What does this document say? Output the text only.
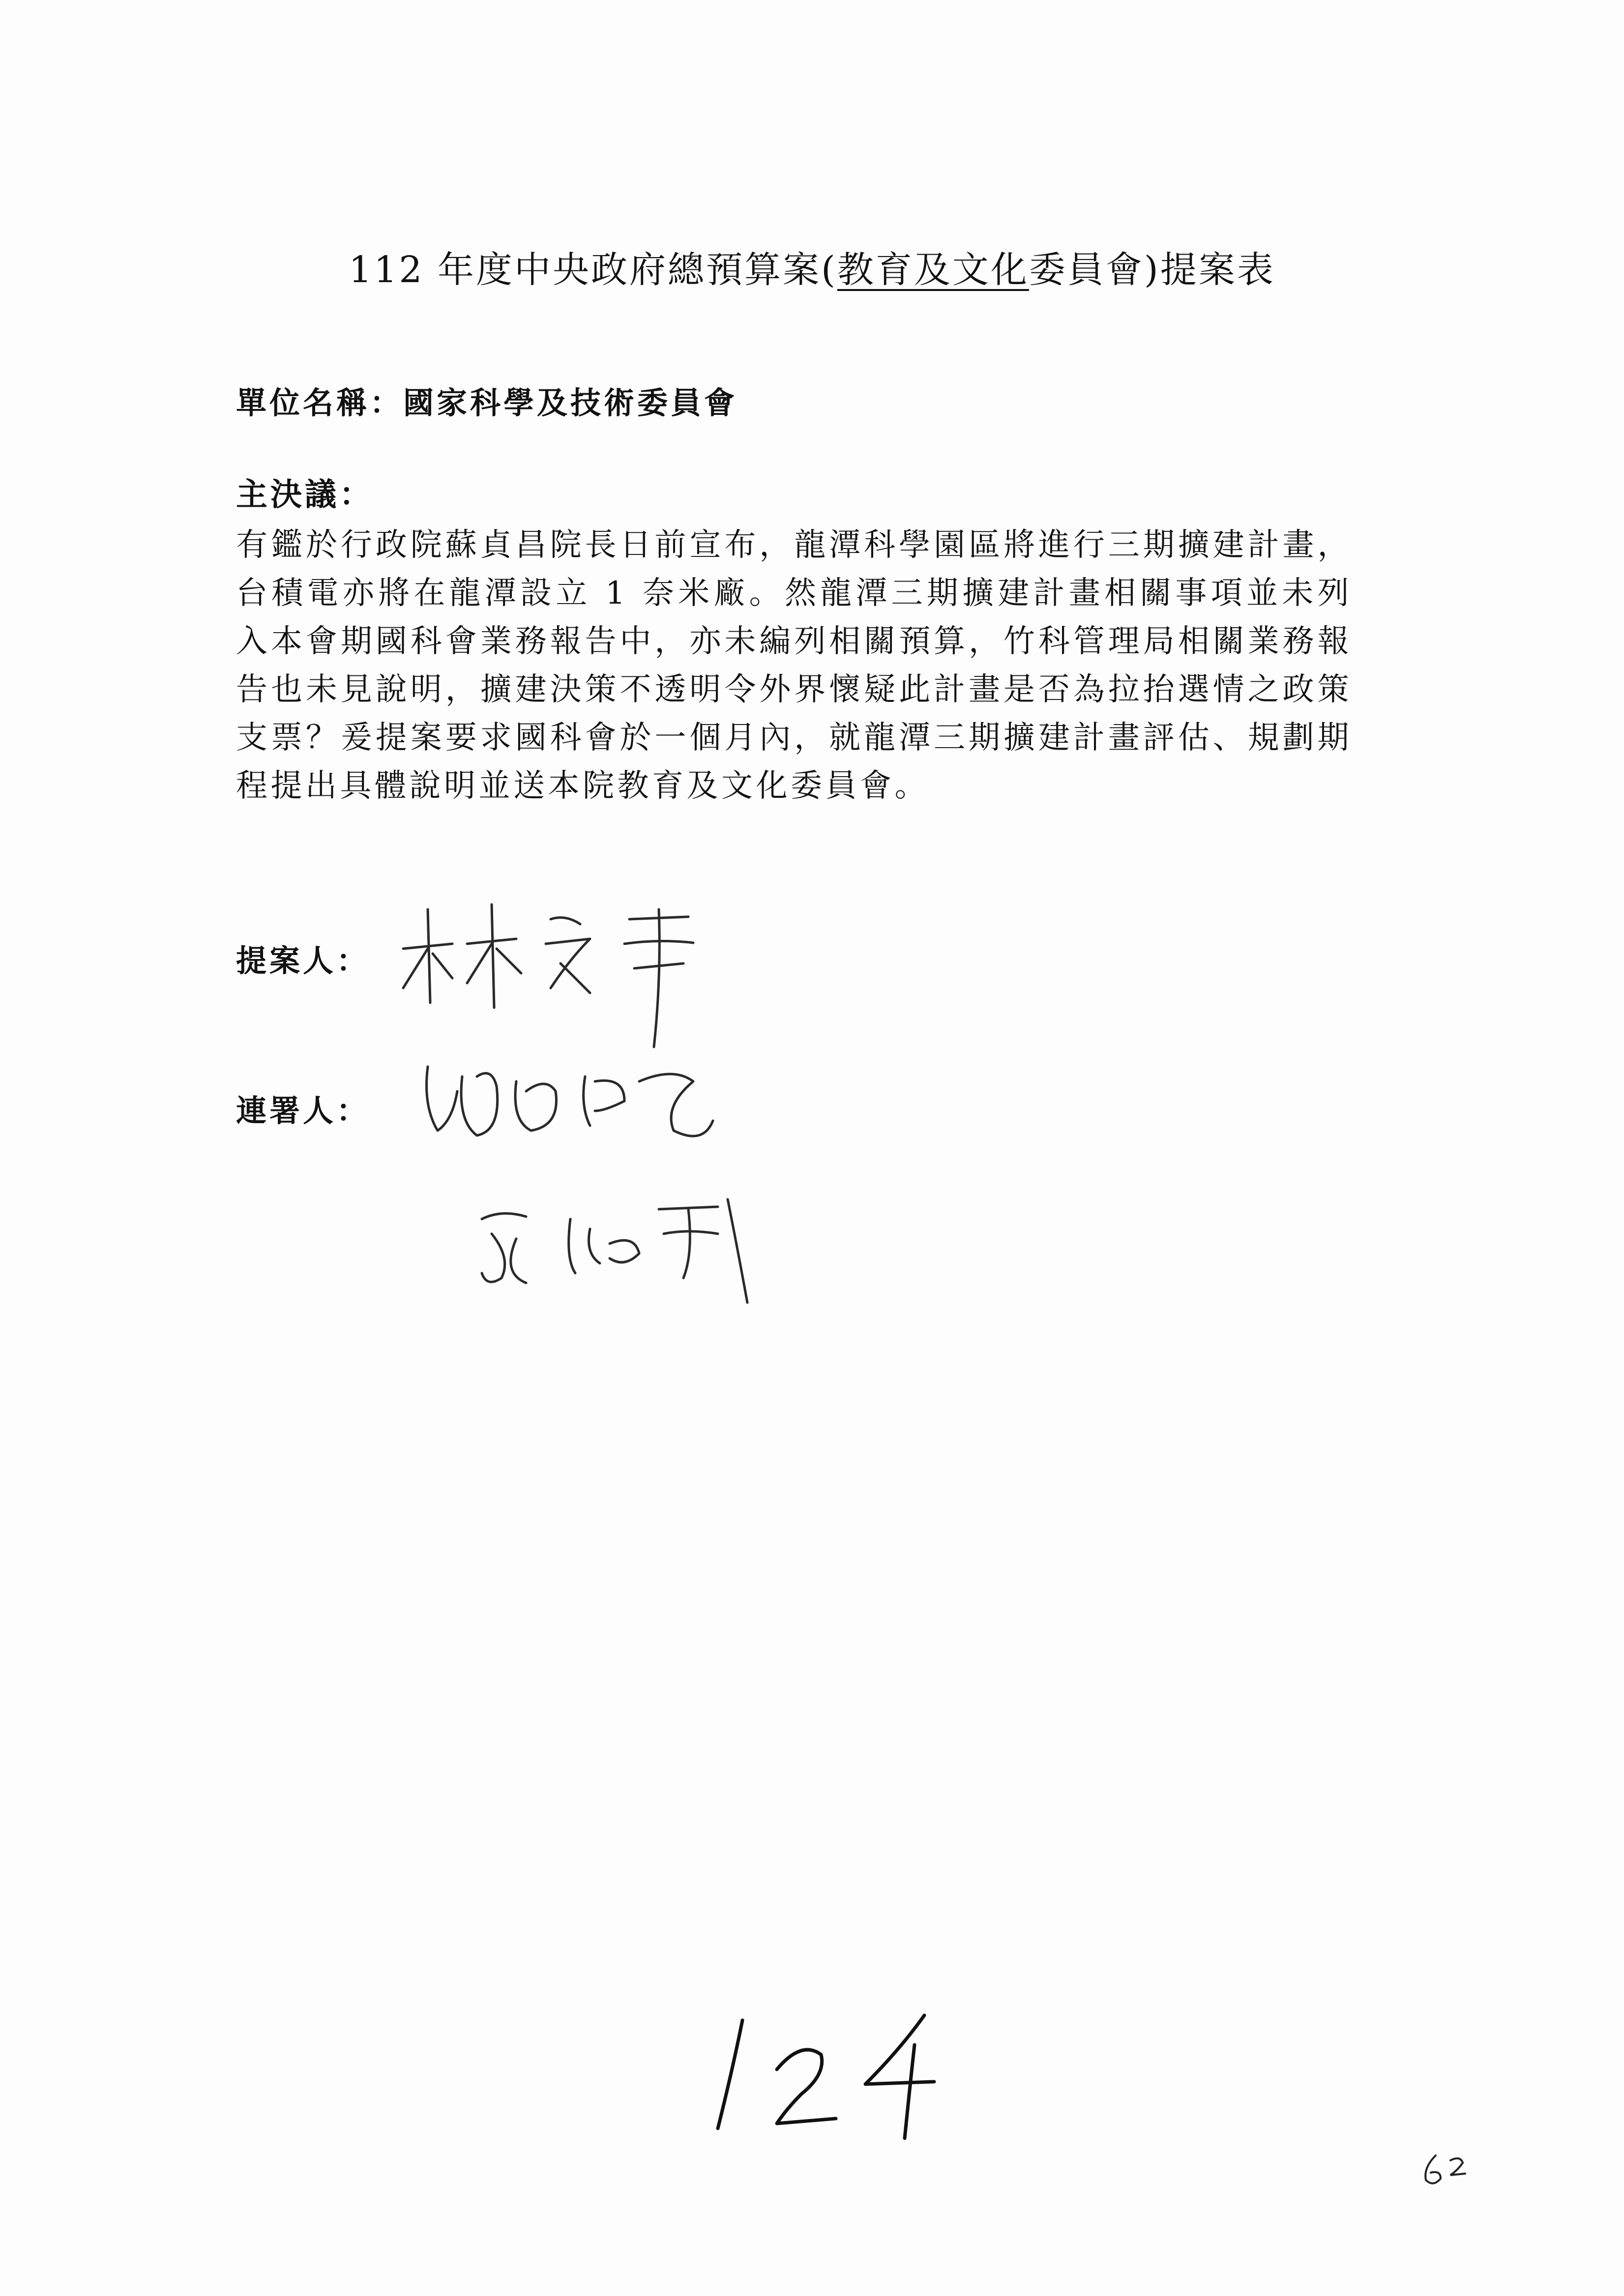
112 年度中央政府總預算案(教育及文化委員會)提案表
單位名稱：國家科學及技術委員會
主決議：
有鑑於行政院蘇貞昌院長日前宣布，龍潭科學園區將進行三期擴建計畫，台積電亦將在龍潭設立 1 奈米廠。然龍潭三期擴建計畫相關事項並未列入本會期國科會業務報告中，亦未編列相關預算，竹科管理局相關業務報告也未見說明，擴建決策不透明令外界懷疑此計畫是否為拉抬選情之政策支票？爰提案要求國科會於一個月內，就龍潭三期擴建計畫評估、規劃期程提出具體說明並送本院教育及文化委員會。
提案人：
連署人：
